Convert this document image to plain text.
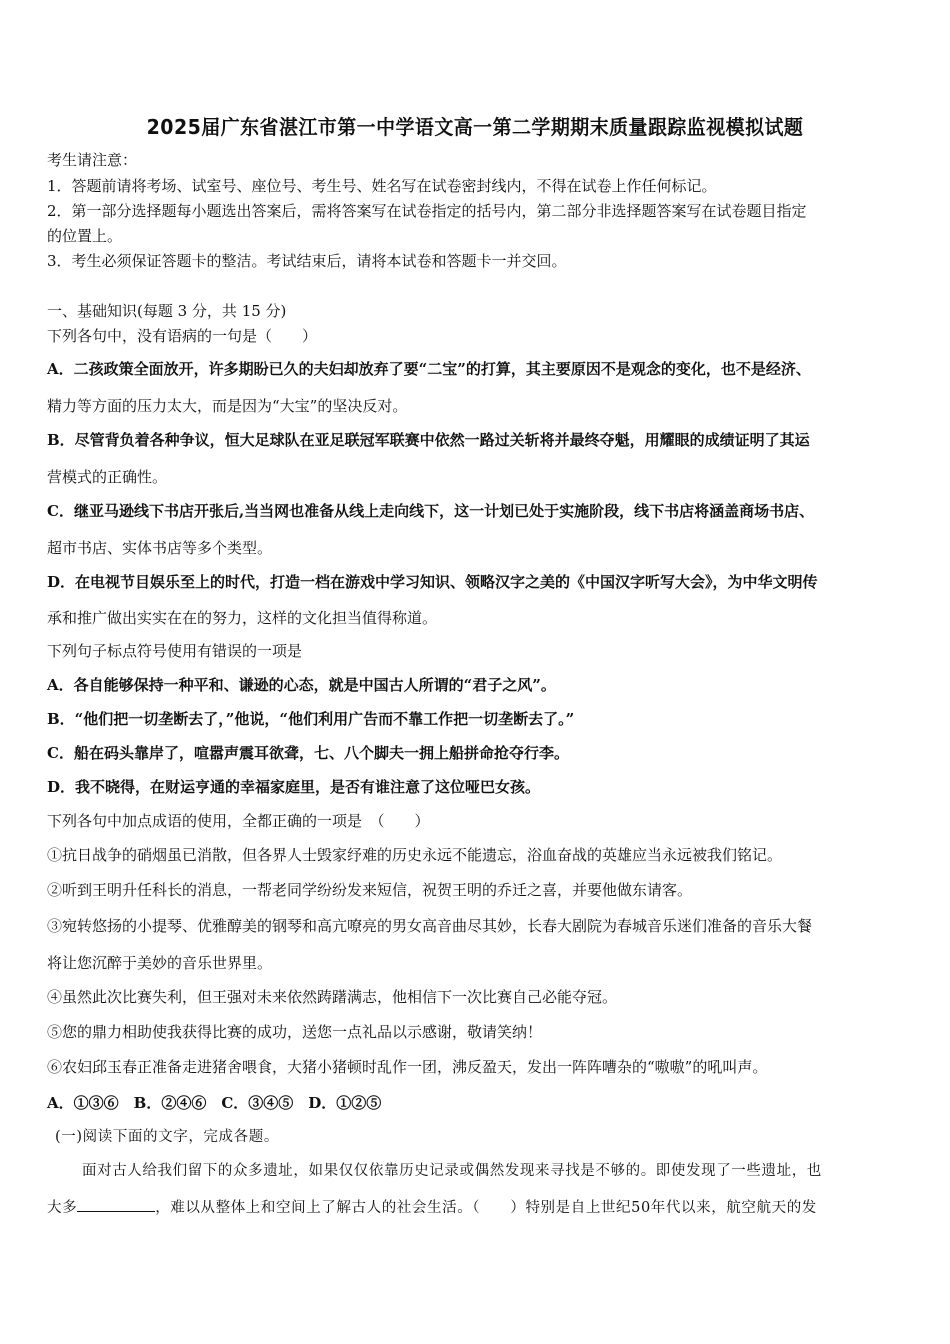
2025届广东省湛江市第一中学语文高一第二学期期末质量跟踪监视模拟试题
考生请注意：
1．答题前请将考场、试室号、座位号、考生号、姓名写在试卷密封线内，不得在试卷上作任何标记。
2．第一部分选择题每小题选出答案后，需将答案写在试卷指定的括号内，第二部分非选择题答案写在试卷题目指定
的位置上。
3．考生必须保证答题卡的整洁。考试结束后，请将本试卷和答题卡一并交回。
一、基础知识(每题 3 分，共 15 分)
下列各句中，没有语病的一句是（　　）
A．二孩政策全面放开，许多期盼已久的夫妇却放弃了要“二宝”的打算，其主要原因不是观念的变化，也不是经济、
精力等方面的压力太大，而是因为“大宝”的坚决反对。
B．尽管背负着各种争议，恒大足球队在亚足联冠军联赛中依然一路过关斩将并最终夺魁，用耀眼的成绩证明了其运
营模式的正确性。
C．继亚马逊线下书店开张后,当当网也准备从线上走向线下，这一计划已处于实施阶段，线下书店将涵盖商场书店、
超市书店、实体书店等多个类型。
D．在电视节目娱乐至上的时代，打造一档在游戏中学习知识、领略汉字之美的《中国汉字听写大会》，为中华文明传
承和推广做出实实在在的努力，这样的文化担当值得称道。
下列句子标点符号使用有错误的一项是
A．各自能够保持一种平和、谦逊的心态，就是中国古人所谓的“君子之风”。
B．“他们把一切垄断去了，”他说，“他们利用广告而不靠工作把一切垄断去了。”
C．船在码头靠岸了，喧嚣声震耳欲聋，七、八个脚夫一拥上船拼命抢夺行李。
D．我不晓得，在财运亨通的幸福家庭里，是否有谁注意了这位哑巴女孩。
下列各句中加点成语的使用，全都正确的一项是　（　　）
①抗日战争的硝烟虽已消散，但各界人士毁家纾难的历史永远不能遗忘，浴血奋战的英雄应当永远被我们铭记。
②听到王明升任科长的消息，一帮老同学纷纷发来短信，祝贺王明的乔迁之喜，并要他做东请客。
③宛转悠扬的小提琴、优雅醇美的钢琴和高亢嘹亮的男女高音曲尽其妙，长春大剧院为春城音乐迷们准备的音乐大餐
将让您沉醉于美妙的音乐世界里。
④虽然此次比赛失利，但王强对未来依然踌躇满志，他相信下一次比赛自己必能夺冠。
⑤您的鼎力相助使我获得比赛的成功，送您一点礼品以示感谢，敬请笑纳！
⑥农妇邱玉春正准备走进猪舍喂食，大猪小猪顿时乱作一团，沸反盈天，发出一阵阵嘈杂的“嗷嗷”的吼叫声。
A．①③⑥　B．②④⑥　C．③④⑤　D．①②⑤
(一)阅读下面的文字，完成各题。
面对古人给我们留下的众多遗址，如果仅仅依靠历史记录或偶然发现来寻找是不够的。即使发现了一些遗址，也
大多	，难以从整体上和空间上了解古人的社会生活。（　　）特别是自上世纪50年代以来，航空航天的发
